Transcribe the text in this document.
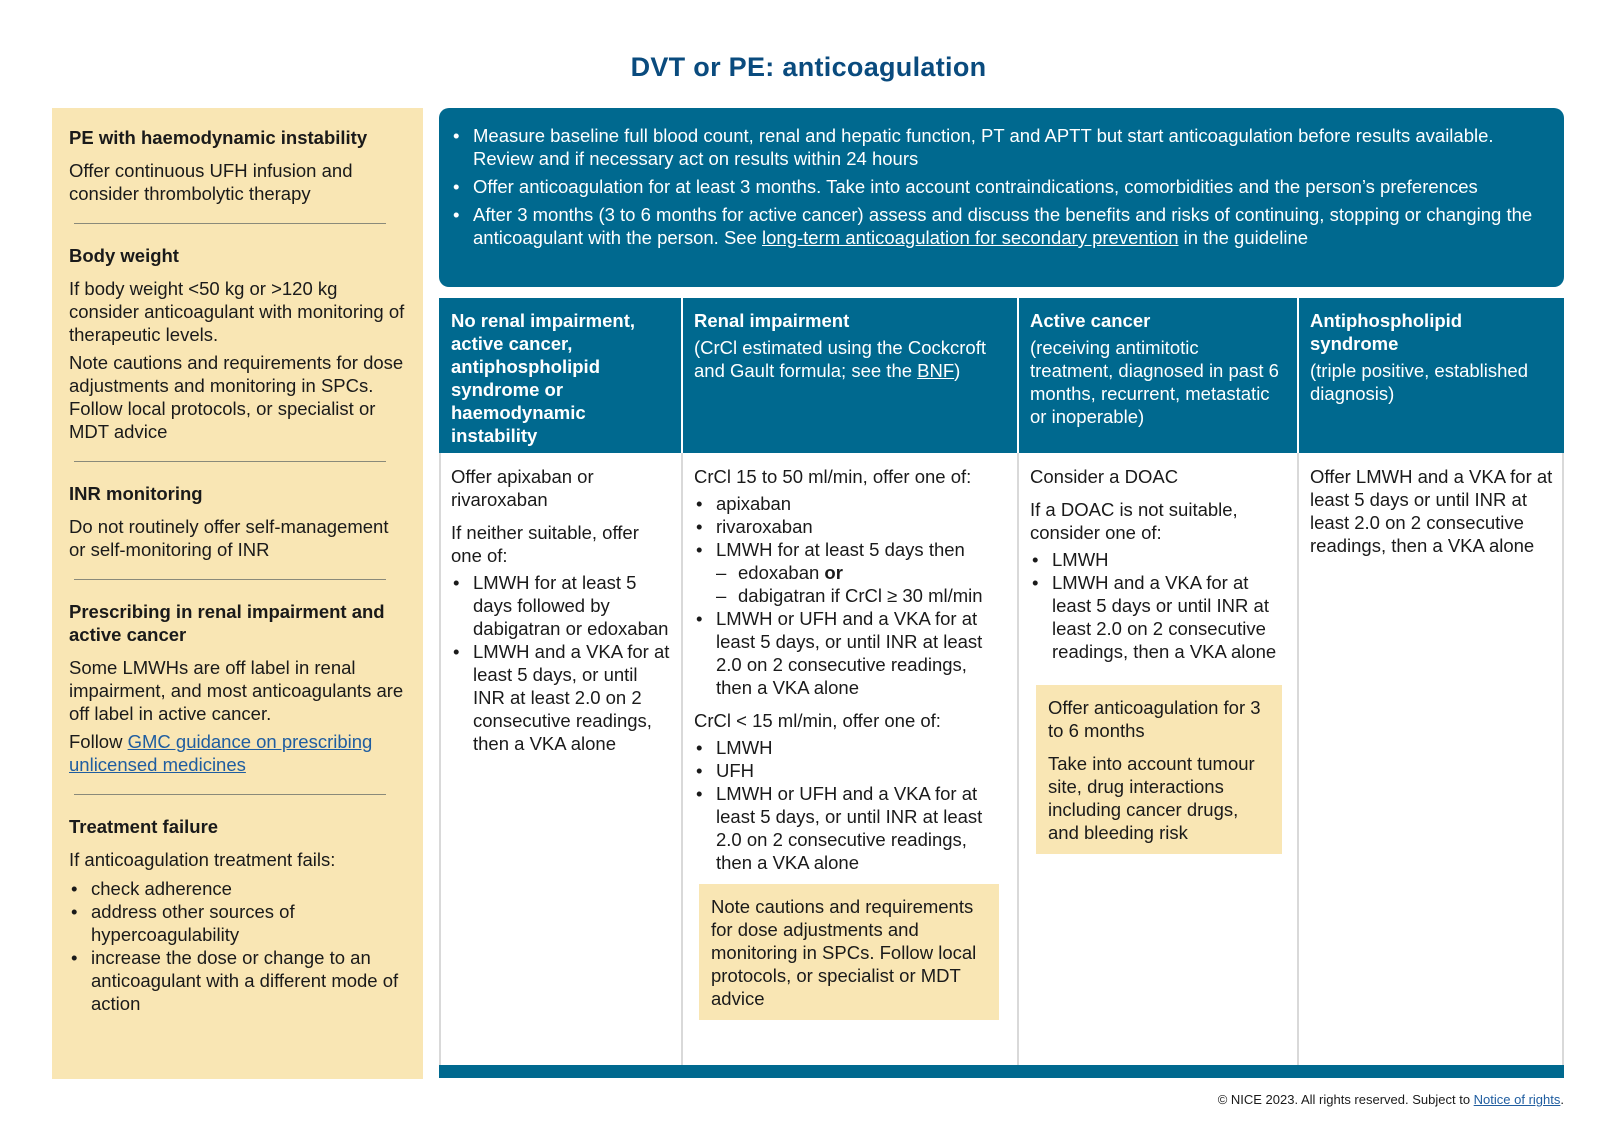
DVT or PE: anticoagulation
PE with haemodynamic instability

Offer continuous UFH infusion and consider thrombolytic therapy

Body weight

If body weight <50 kg or >120 kg consider anticoagulant with monitoring of therapeutic levels.

Note cautions and requirements for dose adjustments and monitoring in SPCs. Follow local protocols, or specialist or MDT advice

INR monitoring

Do not routinely offer self-management or self-monitoring of INR

Prescribing in renal impairment and active cancer

Some LMWHs are off label in renal impairment, and most anticoagulants are off label in active cancer.

Follow GMC guidance on prescribing unlicensed medicines

Treatment failure

If anticoagulation treatment fails:

• check adherence
• address other sources of hypercoagulability
• increase the dose or change to an anticoagulant with a different mode of action
• Measure baseline full blood count, renal and hepatic function, PT and APTT but start anticoagulation before results available. Review and if necessary act on results within 24 hours
• Offer anticoagulation for at least 3 months. Take into account contraindications, comorbidities and the person’s preferences
• After 3 months (3 to 6 months for active cancer) assess and discuss the benefits and risks of continuing, stopping or changing the anticoagulant with the person. See long-term anticoagulation for secondary prevention in the guideline
No renal impairment, active cancer, antiphospholipid syndrome or haemodynamic instability
Renal impairment
(CrCl estimated using the Cockcroft and Gault formula; see the BNF)
Active cancer
(receiving antimitotic treatment, diagnosed in past 6 months, recurrent, metastatic or inoperable)
Antiphospholipid syndrome
(triple positive, established diagnosis)

Offer apixaban or rivaroxaban

If neither suitable, offer one of:

• LMWH for at least 5 days followed by dabigatran or edoxaban
• LMWH and a VKA for at least 5 days, or until INR at least 2.0 on 2 consecutive readings, then a VKA alone

CrCl 15 to 50 ml/min, offer one of:

• apixaban
• rivaroxaban
• LMWH for at least 5 days then
– edoxaban or
– dabigatran if CrCl ≥ 30 ml/min
• LMWH or UFH and a VKA for at least 5 days, or until INR at least 2.0 on 2 consecutive readings, then a VKA alone

CrCl < 15 ml/min, offer one of:

• LMWH
• UFH
• LMWH or UFH and a VKA for at least 5 days, or until INR at least 2.0 on 2 consecutive readings, then a VKA alone

Note cautions and requirements for dose adjustments and monitoring in SPCs. Follow local protocols, or specialist or MDT advice

Consider a DOAC

If a DOAC is not suitable, consider one of:

• LMWH
• LMWH and a VKA for at least 5 days or until INR at least 2.0 on 2 consecutive readings, then a VKA alone

Offer anticoagulation for 3 to 6 months

Take into account tumour site, drug interactions including cancer drugs, and bleeding risk

Offer LMWH and a VKA for at least 5 days or until INR at least 2.0 on 2 consecutive readings, then a VKA alone

© NICE 2023. All rights reserved. Subject to Notice of rights.
